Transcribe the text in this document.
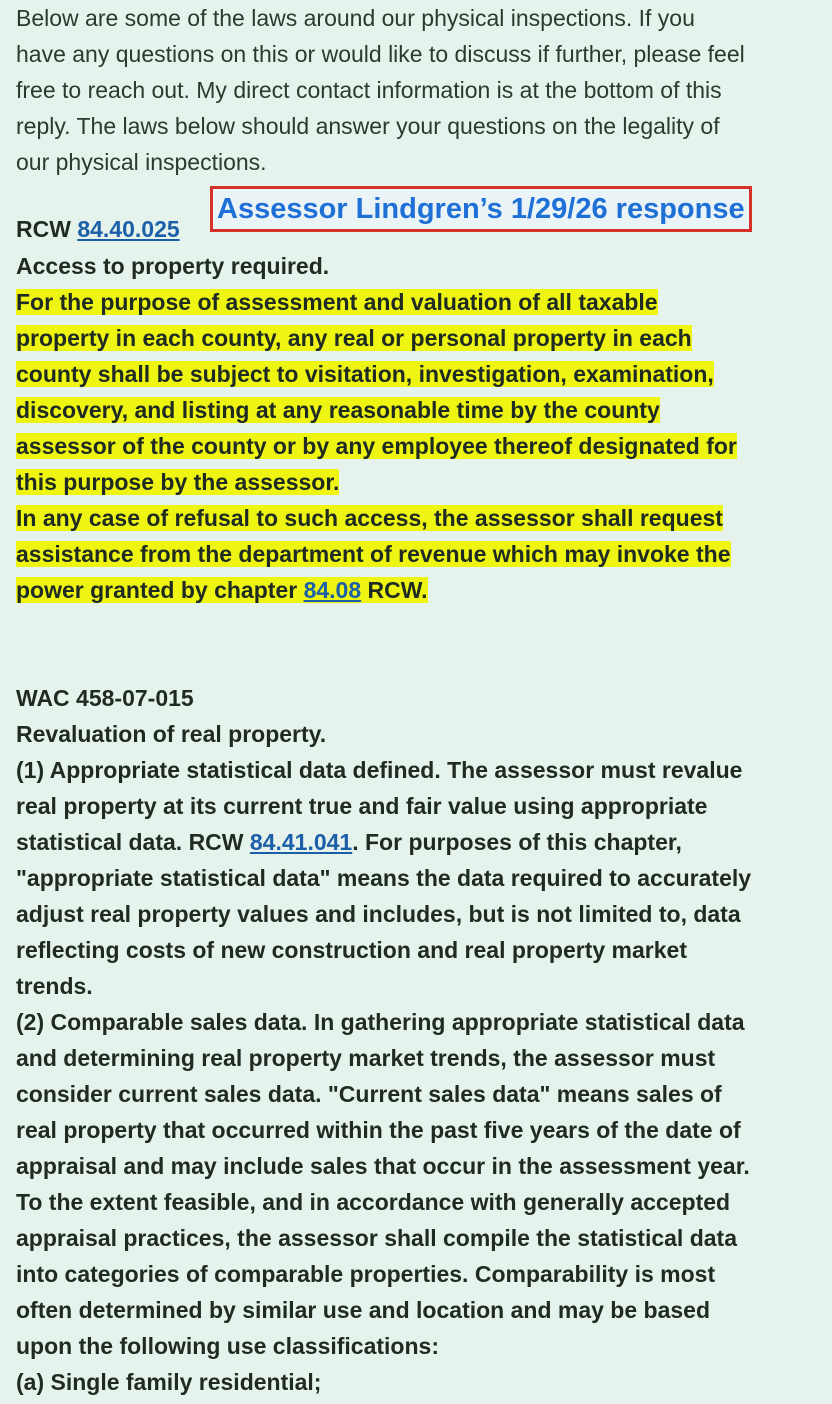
Below are some of the laws around our physical inspections. If you
have any questions on this or would like to discuss if further, please feel
free to reach out. My direct contact information is at the bottom of this
reply. The laws below should answer your questions on the legality of
our physical inspections.
Assessor Lindgren’s 1/29/26 response
RCW 84.40.025
Access to property required.
For the purpose of assessment and valuation of all taxable
property in each county, any real or personal property in each
county shall be subject to visitation, investigation, examination,
discovery, and listing at any reasonable time by the county
assessor of the county or by any employee thereof designated for
this purpose by the assessor.
In any case of refusal to such access, the assessor shall request
assistance from the department of revenue which may invoke the
power granted by chapter 84.08 RCW.
WAC 458-07-015
Revaluation of real property.
(1) Appropriate statistical data defined. The assessor must revalue
real property at its current true and fair value using appropriate
statistical data. RCW 84.41.041. For purposes of this chapter,
"appropriate statistical data" means the data required to accurately
adjust real property values and includes, but is not limited to, data
reflecting costs of new construction and real property market
trends.
(2) Comparable sales data. In gathering appropriate statistical data
and determining real property market trends, the assessor must
consider current sales data. "Current sales data" means sales of
real property that occurred within the past five years of the date of
appraisal and may include sales that occur in the assessment year.
To the extent feasible, and in accordance with generally accepted
appraisal practices, the assessor shall compile the statistical data
into categories of comparable properties. Comparability is most
often determined by similar use and location and may be based
upon the following use classifications:
(a) Single family residential;
